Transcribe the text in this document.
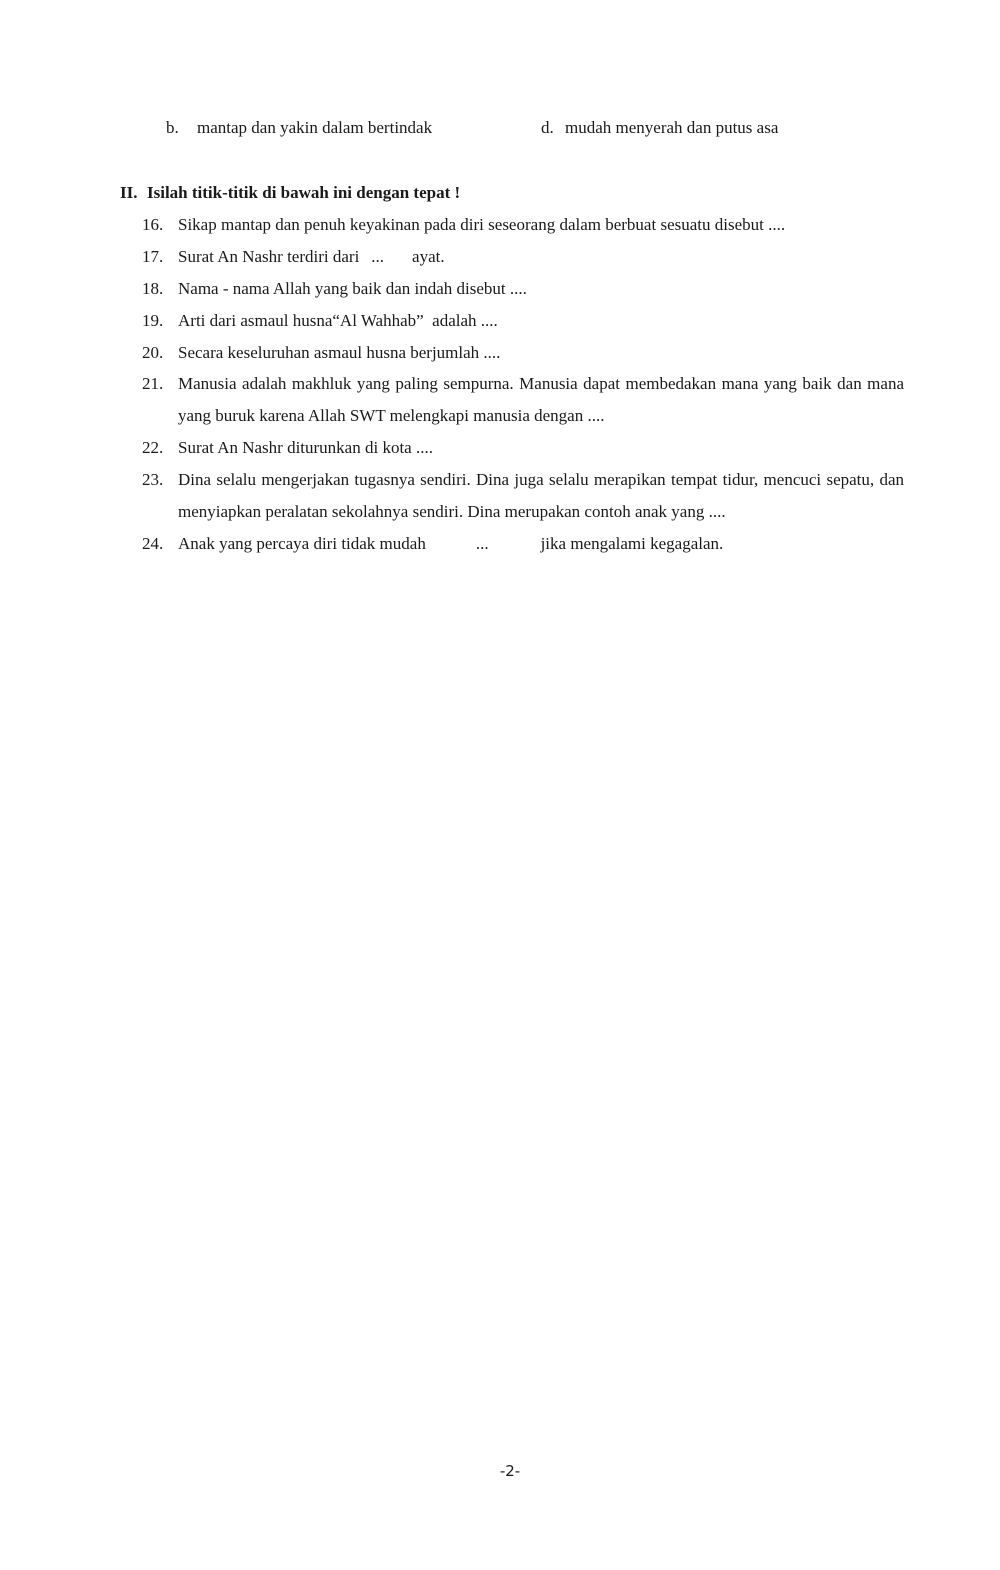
b. mantap dan yakin dalam bertindak	d. mudah menyerah dan putus asa
II. Isilah titik-titik di bawah ini dengan tepat !
16. Sikap mantap dan penuh keyakinan pada diri seseorang dalam berbuat sesuatu disebut ....
17. Surat An Nashr terdiri dari ... ayat.
18. Nama - nama Allah yang baik dan indah disebut ....
19. Arti dari asmaul husna“Al Wahhab”  adalah ....
20. Secara keseluruhan asmaul husna berjumlah ....
21. Manusia adalah makhluk yang paling sempurna. Manusia dapat membedakan mana yang baik dan mana yang buruk karena Allah SWT melengkapi manusia dengan ....
22. Surat An Nashr diturunkan di kota ....
23. Dina selalu mengerjakan tugasnya sendiri. Dina juga selalu merapikan tempat tidur, mencuci sepatu, dan menyiapkan peralatan sekolahnya sendiri. Dina merupakan contoh anak yang ....
24. Anak yang percaya diri tidak mudah	...	jika mengalami kegagalan.
-2-
